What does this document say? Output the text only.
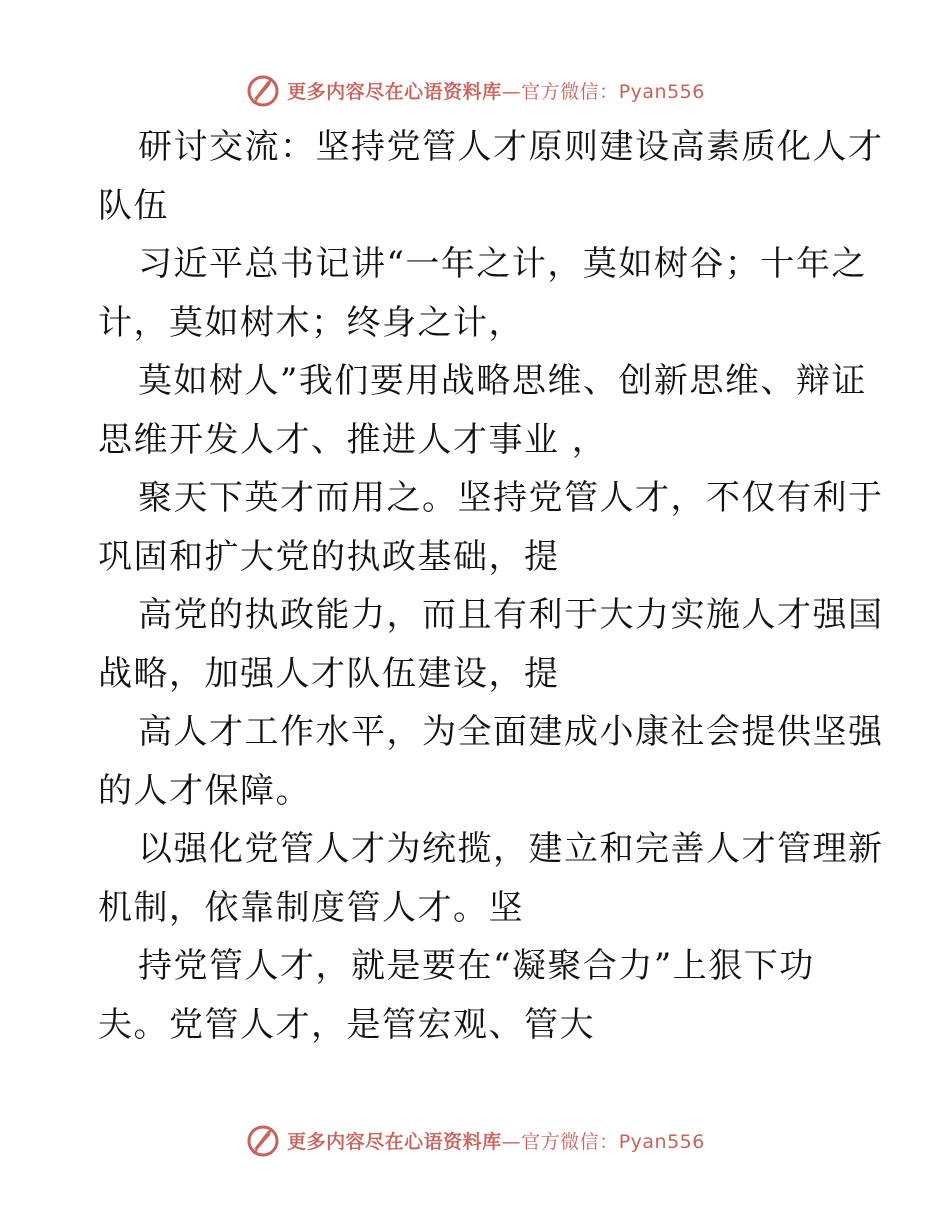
更多内容尽在心语资料库—官方微信：Pyan556
研讨交流：坚持党管人才原则建设高素质化人才
队伍
习近平总书记讲“一年之计，莫如树谷；十年之
计，莫如树木；终身之计，
莫如树人”我们要用战略思维、创新思维、辩证
思维开发人才、推进人才事业 ，
聚天下英才而用之。坚持党管人才，不仅有利于
巩固和扩大党的执政基础，提
高党的执政能力，而且有利于大力实施人才强国
战略，加强人才队伍建设，提
高人才工作水平，为全面建成小康社会提供坚强
的人才保障。
以强化党管人才为统揽，建立和完善人才管理新
机制，依靠制度管人才。坚
持党管人才，就是要在“凝聚合力”上狠下功
夫。党管人才，是管宏观、管大
更多内容尽在心语资料库—官方微信：Pyan556
